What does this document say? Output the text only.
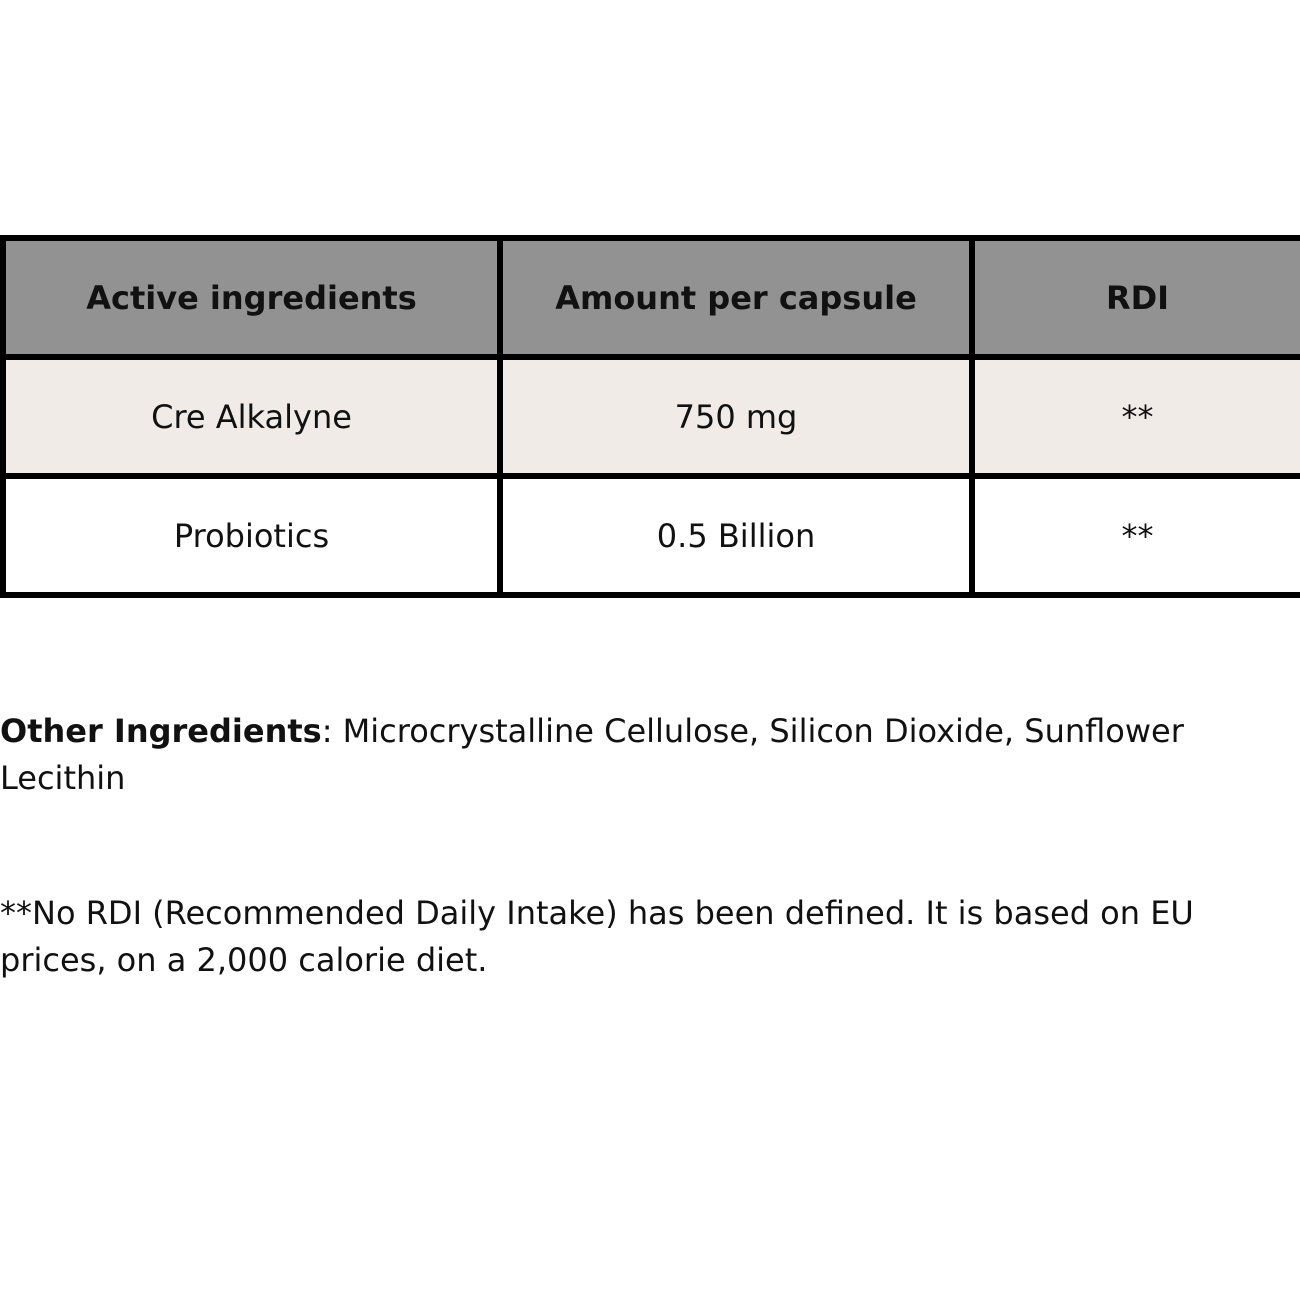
Active ingredients	Amount per capsule	RDI
Cre Alkalyne	750 mg	**
Probiotics	0.5 Billion	**

Other Ingredients: Microcrystalline Cellulose, Silicon Dioxide, Sunflower Lecithin

**No RDI (Recommended Daily Intake) has been defined. It is based on EU prices, on a 2,000 calorie diet.
